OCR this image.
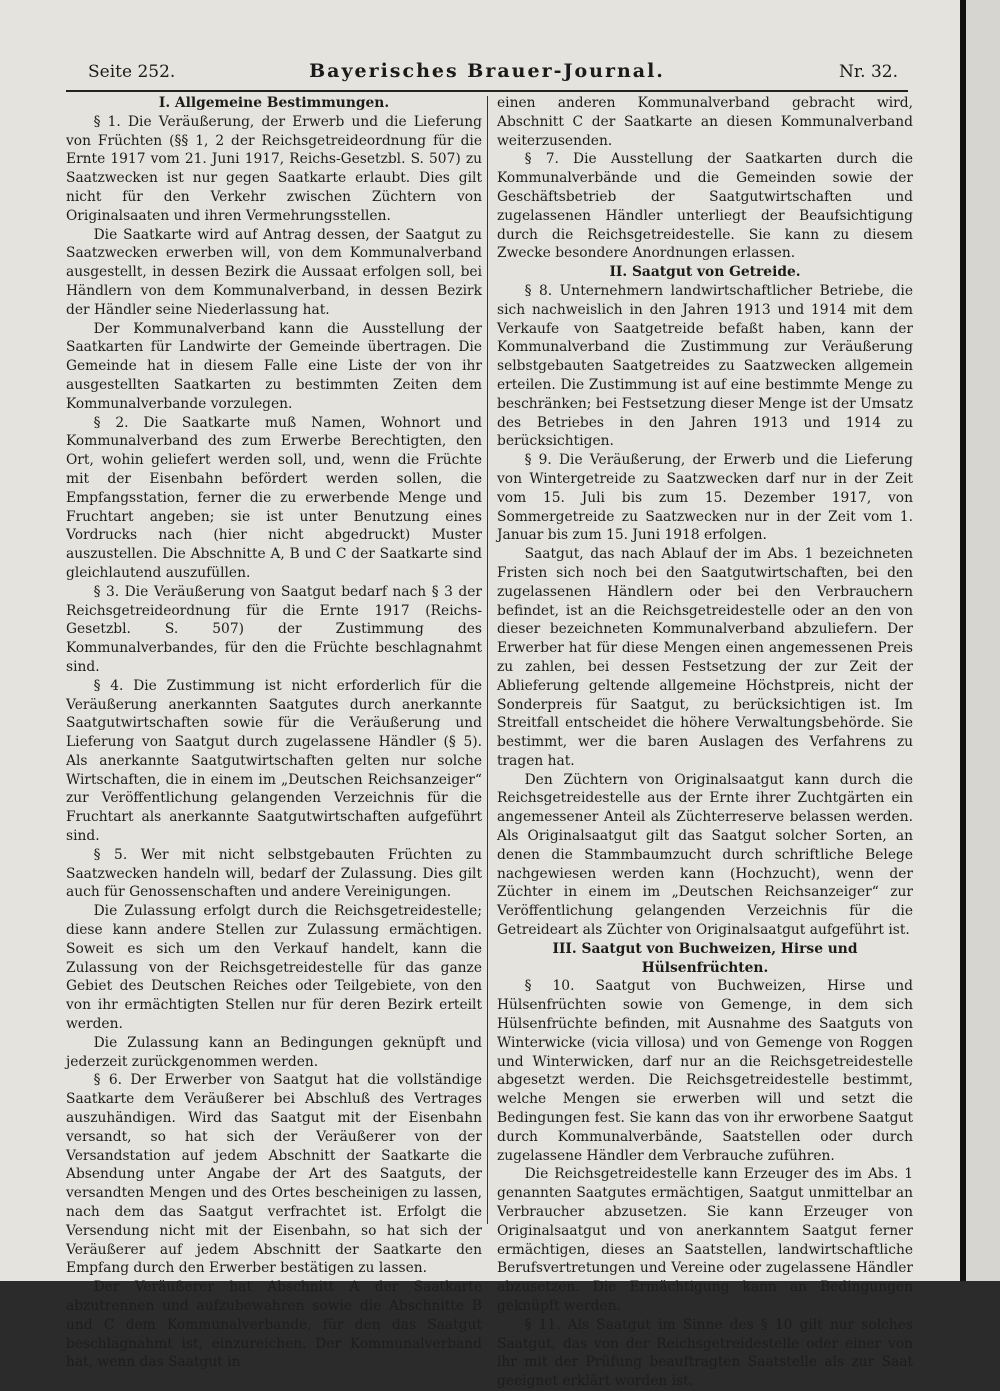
Seite 252.	Bayerisches Brauer-Journal.	Nr. 32.

I. Allgemeine Bestimmungen.

§ 1. Die Veräußerung, der Erwerb und die Lieferung von Früchten (§§ 1, 2 der Reichsgetreideordnung für die Ernte 1917 vom 21. Juni 1917, Reichs-Gesetzbl. S. 507) zu Saatzwecken ist nur gegen Saatkarte erlaubt. Dies gilt nicht für den Verkehr zwischen Züchtern von Originalsaaten und ihren Vermehrungsstellen.

Die Saatkarte wird auf Antrag dessen, der Saatgut zu Saatzwecken erwerben will, von dem Kommunalverband ausgestellt, in dessen Bezirk die Aussaat erfolgen soll, bei Händlern von dem Kommunalverband, in dessen Bezirk der Händler seine Niederlassung hat.

Der Kommunalverband kann die Ausstellung der Saatkarten für Landwirte der Gemeinde übertragen. Die Gemeinde hat in diesem Falle eine Liste der von ihr ausgestellten Saatkarten zu bestimmten Zeiten dem Kommunalverbande vorzulegen.

§ 2. Die Saatkarte muß Namen, Wohnort und Kommunalverband des zum Erwerbe Berechtigten, den Ort, wohin geliefert werden soll, und, wenn die Früchte mit der Eisenbahn befördert werden sollen, die Empfangsstation, ferner die zu erwerbende Menge und Fruchtart angeben; sie ist unter Benutzung eines Vordrucks nach (hier nicht abgedruckt) Muster auszustellen. Die Abschnitte A, B und C der Saatkarte sind gleichlautend auszufüllen.

§ 3. Die Veräußerung von Saatgut bedarf nach § 3 der Reichsgetreideordnung für die Ernte 1917 (Reichs-Gesetzbl. S. 507) der Zustimmung des Kommunalverbandes, für den die Früchte beschlagnahmt sind.

§ 4. Die Zustimmung ist nicht erforderlich für die Veräußerung anerkannten Saatgutes durch anerkannte Saatgutwirtschaften sowie für die Veräußerung und Lieferung von Saatgut durch zugelassene Händler (§ 5). Als anerkannte Saatgutwirtschaften gelten nur solche Wirtschaften, die in einem im „Deutschen Reichsanzeiger“ zur Veröffentlichung gelangenden Verzeichnis für die Fruchtart als anerkannte Saatgutwirtschaften aufgeführt sind.

§ 5. Wer mit nicht selbstgebauten Früchten zu Saatzwecken handeln will, bedarf der Zulassung. Dies gilt auch für Genossenschaften und andere Vereinigungen.

Die Zulassung erfolgt durch die Reichsgetreidestelle; diese kann andere Stellen zur Zulassung ermächtigen. Soweit es sich um den Verkauf handelt, kann die Zulassung von der Reichsgetreidestelle für das ganze Gebiet des Deutschen Reiches oder Teilgebiete, von den von ihr ermächtigten Stellen nur für deren Bezirk erteilt werden.

Die Zulassung kann an Bedingungen geknüpft und jederzeit zurückgenommen werden.

§ 6. Der Erwerber von Saatgut hat die vollständige Saatkarte dem Veräußerer bei Abschluß des Vertrages auszuhändigen. Wird das Saatgut mit der Eisenbahn versandt, so hat sich der Veräußerer von der Versandstation auf jedem Abschnitt der Saatkarte die Absendung unter Angabe der Art des Saatguts, der versandten Mengen und des Ortes bescheinigen zu lassen, nach dem das Saatgut verfrachtet ist. Erfolgt die Versendung nicht mit der Eisenbahn, so hat sich der Veräußerer auf jedem Abschnitt der Saatkarte den Empfang durch den Erwerber bestätigen zu lassen.

Der Veräußerer hat Abschnitt A der Saatkarte abzutrennen und aufzubewahren sowie die Abschnitte B und C dem Kommunalverbande, für den das Saatgut beschlagnahmt ist, einzureichen. Der Kommunalverband hat, wenn das Saatgut in

einen anderen Kommunalverband gebracht wird, Abschnitt C der Saatkarte an diesen Kommunalverband weiterzusenden.

§ 7. Die Ausstellung der Saatkarten durch die Kommunalverbände und die Gemeinden sowie der Geschäftsbetrieb der Saatgutwirtschaften und zugelassenen Händler unterliegt der Beaufsichtigung durch die Reichsgetreidestelle. Sie kann zu diesem Zwecke besondere Anordnungen erlassen.

II. Saatgut von Getreide.

§ 8. Unternehmern landwirtschaftlicher Betriebe, die sich nachweislich in den Jahren 1913 und 1914 mit dem Verkaufe von Saatgetreide befaßt haben, kann der Kommunalverband die Zustimmung zur Veräußerung selbstgebauten Saatgetreides zu Saatzwecken allgemein erteilen. Die Zustimmung ist auf eine bestimmte Menge zu beschränken; bei Festsetzung dieser Menge ist der Umsatz des Betriebes in den Jahren 1913 und 1914 zu berücksichtigen.

§ 9. Die Veräußerung, der Erwerb und die Lieferung von Wintergetreide zu Saatzwecken darf nur in der Zeit vom 15. Juli bis zum 15. Dezember 1917, von Sommergetreide zu Saatzwecken nur in der Zeit vom 1. Januar bis zum 15. Juni 1918 erfolgen.

Saatgut, das nach Ablauf der im Abs. 1 bezeichneten Fristen sich noch bei den Saatgutwirtschaften, bei den zugelassenen Händlern oder bei den Verbrauchern befindet, ist an die Reichsgetreidestelle oder an den von dieser bezeichneten Kommunalverband abzuliefern. Der Erwerber hat für diese Mengen einen angemessenen Preis zu zahlen, bei dessen Festsetzung der zur Zeit der Ablieferung geltende allgemeine Höchstpreis, nicht der Sonderpreis für Saatgut, zu berücksichtigen ist. Im Streitfall entscheidet die höhere Verwaltungsbehörde. Sie bestimmt, wer die baren Auslagen des Verfahrens zu tragen hat.

Den Züchtern von Originalsaatgut kann durch die Reichsgetreidestelle aus der Ernte ihrer Zuchtgärten ein angemessener Anteil als Züchterreserve belassen werden. Als Originalsaatgut gilt das Saatgut solcher Sorten, an denen die Stammbaumzucht durch schriftliche Belege nachgewiesen werden kann (Hochzucht), wenn der Züchter in einem im „Deutschen Reichsanzeiger“ zur Veröffentlichung gelangenden Verzeichnis für die Getreideart als Züchter von Originalsaatgut aufgeführt ist.

III. Saatgut von Buchweizen, Hirse und Hülsenfrüchten.

§ 10. Saatgut von Buchweizen, Hirse und Hülsenfrüchten sowie von Gemenge, in dem sich Hülsenfrüchte befinden, mit Ausnahme des Saatguts von Winterwicke (vicia villosa) und von Gemenge von Roggen und Winterwicken, darf nur an die Reichsgetreidestelle abgesetzt werden. Die Reichsgetreidestelle bestimmt, welche Mengen sie erwerben will und setzt die Bedingungen fest. Sie kann das von ihr erworbene Saatgut durch Kommunalverbände, Saatstellen oder durch zugelassene Händler dem Verbrauche zuführen.

Die Reichsgetreidestelle kann Erzeuger des im Abs. 1 genannten Saatgutes ermächtigen, Saatgut unmittelbar an Verbraucher abzusetzen. Sie kann Erzeuger von Originalsaatgut und von anerkanntem Saatgut ferner ermächtigen, dieses an Saatstellen, landwirtschaftliche Berufsvertretungen und Vereine oder zugelassene Händler abzusetzen. Die Ermächtigung kann an Bedingungen geknüpft werden.

§ 11. Als Saatgut im Sinne des § 10 gilt nur solches Saatgut, das von der Reichsgetreidestelle oder einer von ihr mit der Prüfung beauftragten Saatstelle als zur Saat geeignet erklärt worden ist.
